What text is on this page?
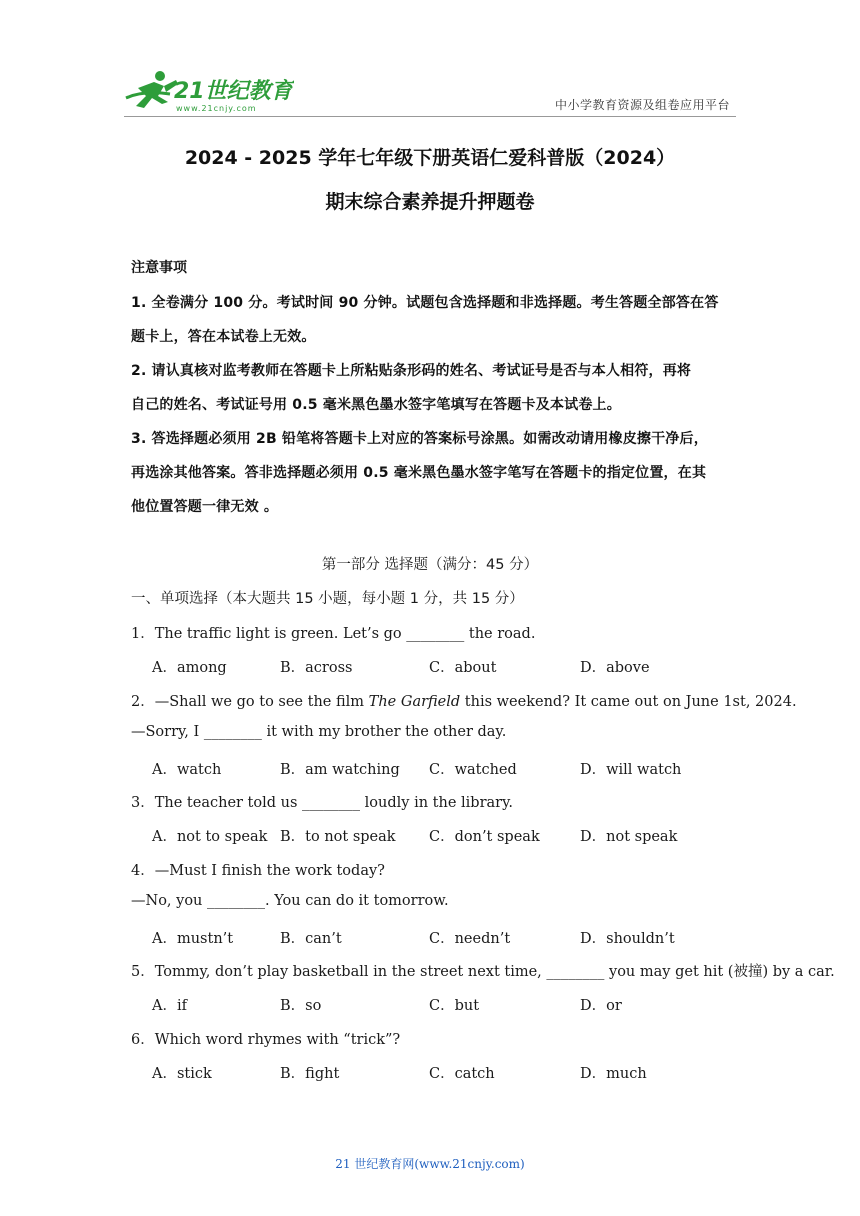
21世纪教育
www.21cnjy.com	中小学教育资源及组卷应用平台
2024 - 2025 学年七年级下册英语仁爱科普版（2024）
期末综合素养提升押题卷
注意事项

1. 全卷满分 100 分。考试时间 90 分钟。试题包含选择题和非选择题。考生答题全部答在答

题卡上，答在本试卷上无效。

2. 请认真核对监考教师在答题卡上所粘贴条形码的姓名、考试证号是否与本人相符，再将

自己的姓名、考试证号用 0.5 毫米黑色墨水签字笔填写在答题卡及本试卷上。

3. 答选择题必须用 2B 铅笔将答题卡上对应的答案标号涂黑。如需改动请用橡皮擦干净后，

再选涂其他答案。答非选择题必须用 0.5 毫米黑色墨水签字笔写在答题卡的指定位置，在其

他位置答题一律无效 。

第一部分 选择题（满分：45 分）
一、单项选择（本大题共 15 小题，每小题 1 分，共 15 分）
1．The traffic light is green. Let’s go ________ the road.
A．among	B．across	C．about	D．above
2．—Shall we go to see the film The Garfield this weekend? It came out on June 1st, 2024.
—Sorry, I ________ it with my brother the other day.
A．watch	B．am watching C．watched	D．will watch
3．The teacher told us ________ loudly in the library.
A．not to speak B．to not speak C．don’t speak	D．not speak
4．—Must I finish the work today?
—No, you ________. You can do it tomorrow.
A．mustn’t	B．can’t	C．needn’t	D．shouldn’t
5．Tommy, don’t play basketball in the street next time, ________ you may get hit (被撞) by a car.
A．if	B．so	C．but	D．or
6．Which word rhymes with “trick”?
A．stick	B．fight	C．catch	D．much
21 世纪教育网(www.21cnjy.com)
